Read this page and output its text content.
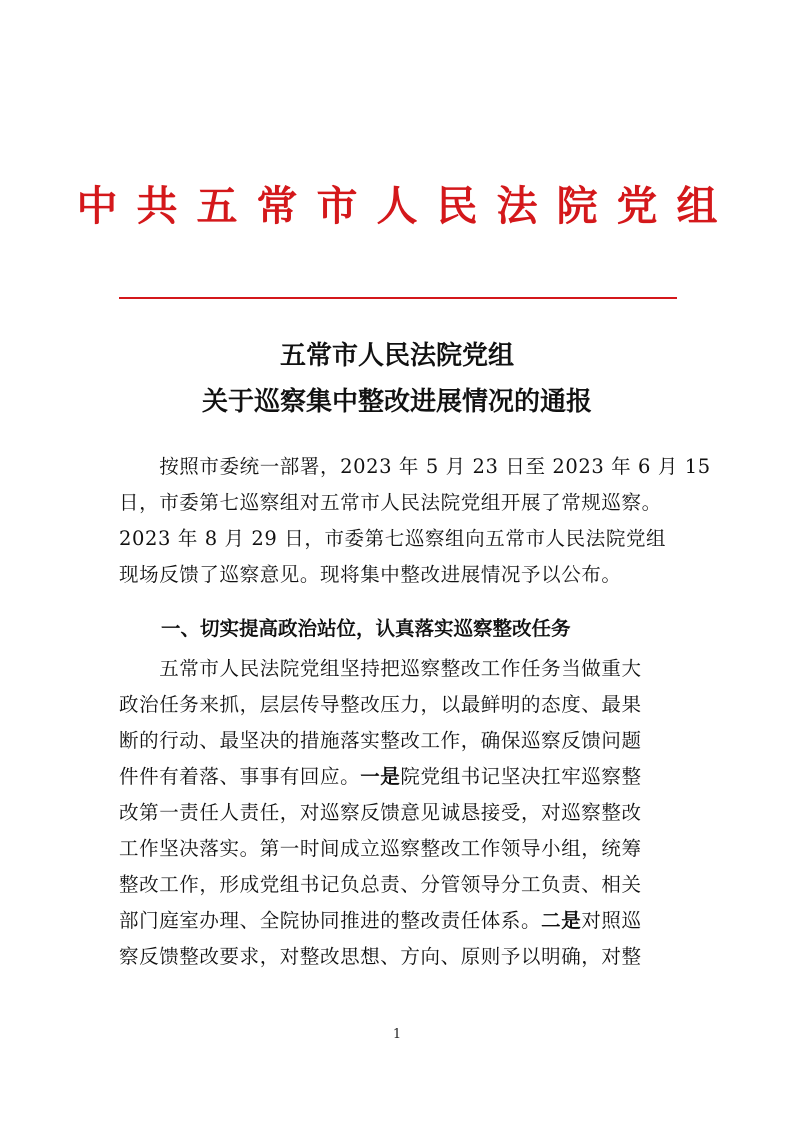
中共五常市人民法院党组
五常市人民法院党组
关于巡察集中整改进展情况的通报
　　按照市委统一部署，2023 年 5 月 23 日至 2023 年 6 月 15
日，市委第七巡察组对五常市人民法院党组开展了常规巡察。
2023 年 8 月 29 日，市委第七巡察组向五常市人民法院党组
现场反馈了巡察意见。现将集中整改进展情况予以公布。
一、切实提高政治站位，认真落实巡察整改任务
　　五常市人民法院党组坚持把巡察整改工作任务当做重大
政治任务来抓，层层传导整改压力，以最鲜明的态度、最果
断的行动、最坚决的措施落实整改工作，确保巡察反馈问题
件件有着落、事事有回应。一是院党组书记坚决扛牢巡察整
改第一责任人责任，对巡察反馈意见诚恳接受，对巡察整改
工作坚决落实。第一时间成立巡察整改工作领导小组，统筹
整改工作，形成党组书记负总责、分管领导分工负责、相关
部门庭室办理、全院协同推进的整改责任体系。二是对照巡
察反馈整改要求，对整改思想、方向、原则予以明确，对整
1
